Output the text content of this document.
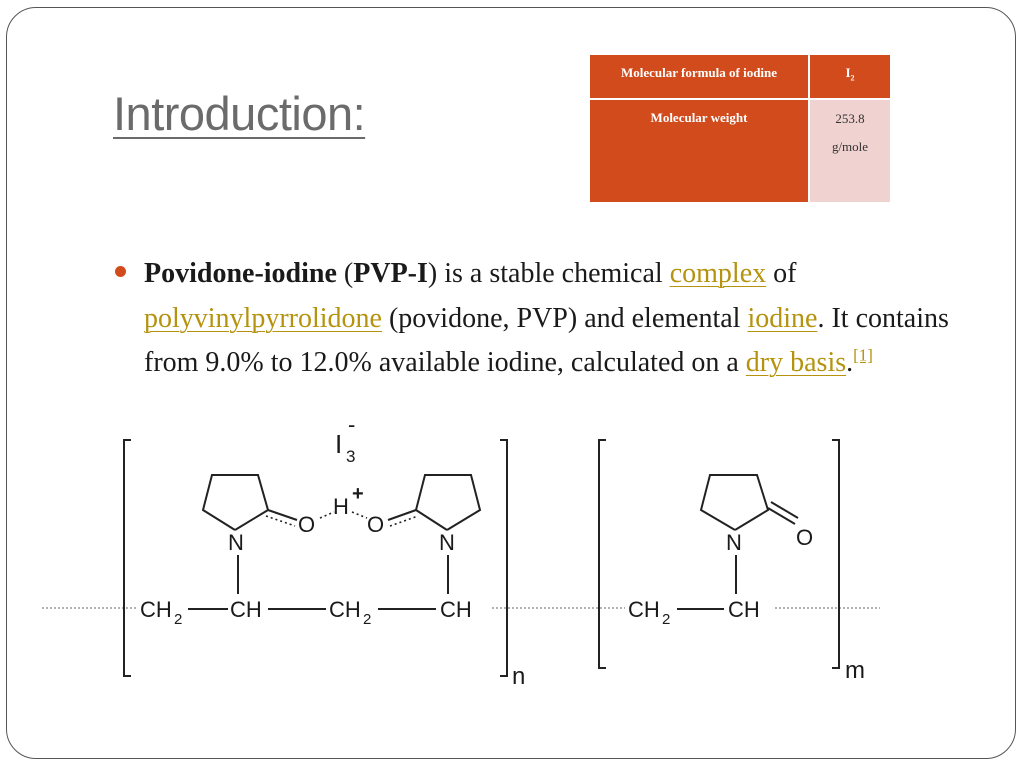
Introduction:
Molecular formula of iodine	$I_2$
Molecular weight	253.8
g/mole
Povidone-iodine (PVP-I) is a stable chemical complex of polyvinylpyrrolidone (povidone, PVP) and elemental iodine. It contains from 9.0% to 12.0% available iodine, calculated on a dry basis.[1]
I 3
-
N
O
H +
O
N
CH 2 CH	CH 2	CH
n
O
N
CH 2	CH
m
